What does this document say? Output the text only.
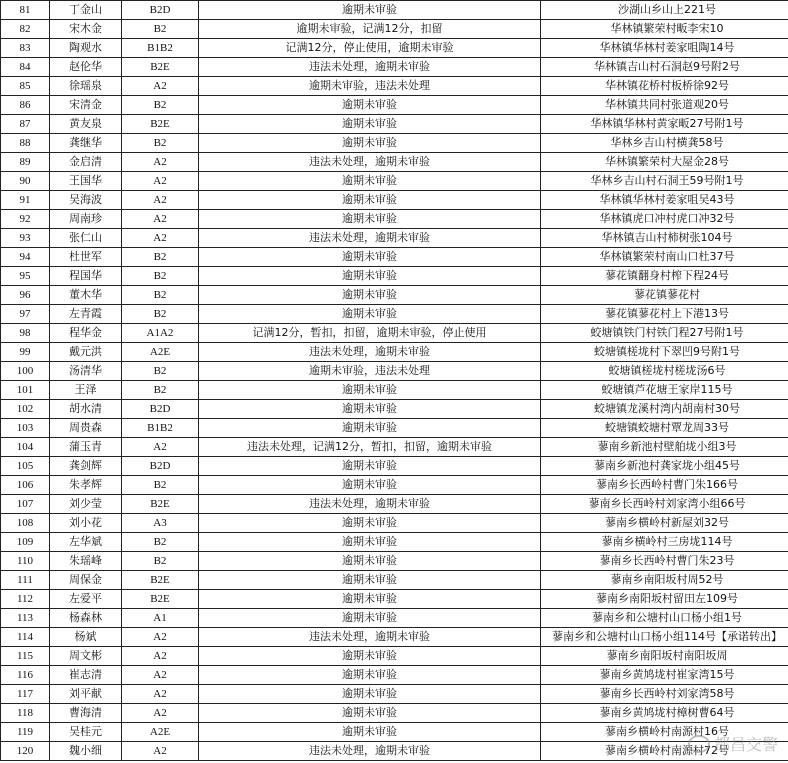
81	丁金山	B2D	逾期未审验	沙湖山乡山上221号
82	宋木金	B2	逾期未审验，记满12分，扣留	华林镇繁荣村畈李宋10
83	陶观水	B1B2	记满12分，停止使用，逾期未审验	华林镇华林村姜家咀陶14号
84	赵伦华	B2E	违法未处理，逾期未审验	华林镇吉山村石洞赵9号附2号
85	徐瑶泉	A2	逾期未审验，违法未处理	华林镇花桥村板桥徐92号
86	宋清金	B2	逾期未审验	华林镇共同村张道观20号
87	黄友泉	B2E	逾期未审验	华林镇华林村黄家畈27号附1号
88	龚继华	B2	逾期未审验	华林乡吉山村横龚58号
89	金启清	A2	违法未处理，逾期未审验	华林镇繁荣村大屋金28号
90	王国华	A2	逾期未审验	华林乡吉山村石洞王59号附1号
91	吴海波	A2	逾期未审验	华林镇华林村姜家咀吴43号
92	周南珍	A2	逾期未审验	华林镇虎口冲村虎口冲32号
93	张仁山	A2	违法未处理，逾期未审验	华林镇吉山村柿树张104号
94	杜世军	B2	逾期未审验	华林镇繁荣村南山口杜37号
95	程国华	B2	逾期未审验	蓼花镇翻身村榨下程24号
96	董木华	B2	逾期未审验	蓼花镇蓼花村
97	左青霞	B2	逾期未审验	蓼花镇蓼花村上下港13号
98	程华金	A1A2	记满12分，暂扣，扣留，逾期未审验，停止使用	蛟塘镇铁门村铁门程27号附1号
99	戴元洪	A2E	违法未处理，逾期未审验	蛟塘镇槎垅村下翠凹9号附1号
100	汤清华	B2	逾期未审验，违法未处理	蛟塘镇槎垅村槎垅汤6号
101	王泽	B2	逾期未审验	蛟塘镇芦花塘王家岸115号
102	胡水清	B2D	逾期未审验	蛟塘镇龙溪村湾内胡南村30号
103	周贵森	B1B2	逾期未审验	蛟塘镇蛟塘村覃龙周33号
104	蒲玉青	A2	违法未处理，记满12分，暂扣，扣留，逾期未审验	蓼南乡新池村壁舶垅小组3号
105	龚剑辉	B2D	逾期未审验	蓼南乡新池村龚家垅小组45号
106	朱孝辉	B2	逾期未审验	蓼南乡长西岭村曹门朱166号
107	刘少莹	B2E	违法未处理，逾期未审验	蓼南乡长西岭村刘家湾小组66号
108	刘小花	A3	逾期未审验	蓼南乡横岭村新屋刘32号
109	左华斌	B2	逾期未审验	蓼南乡横岭村三房垅114号
110	朱瑶峰	B2	逾期未审验	蓼南乡长西岭村曹门朱23号
111	周保金	B2E	逾期未审验	蓼南乡南阳坂村周52号
112	左爱平	B2E	逾期未审验	蓼南乡南阳坂村留田左109号
113	杨森林	A1	逾期未审验	蓼南乡和公塘村山口杨小组1号
114	杨斌	A2	违法未处理，逾期未审验	蓼南乡和公塘村山口杨小组114号【承诺转出】
115	周文彬	A2	逾期未审验	蓼南乡南阳坂村南阳坂周
116	崔志清	A2	逾期未审验	蓼南乡黄鸠垅村崔家湾15号
117	刘平献	A2	逾期未审验	蓼南乡长西岭村刘家湾58号
118	曹海清	A2	逾期未审验	蓼南乡黄鸠垅村樟树曹64号
119	吴桂元	A2E	逾期未审验	蓼南乡横岭村南源村16号
120	魏小细	A2	违法未处理，逾期未审验	蓼南乡横岭村南源村72号
都昌交警
